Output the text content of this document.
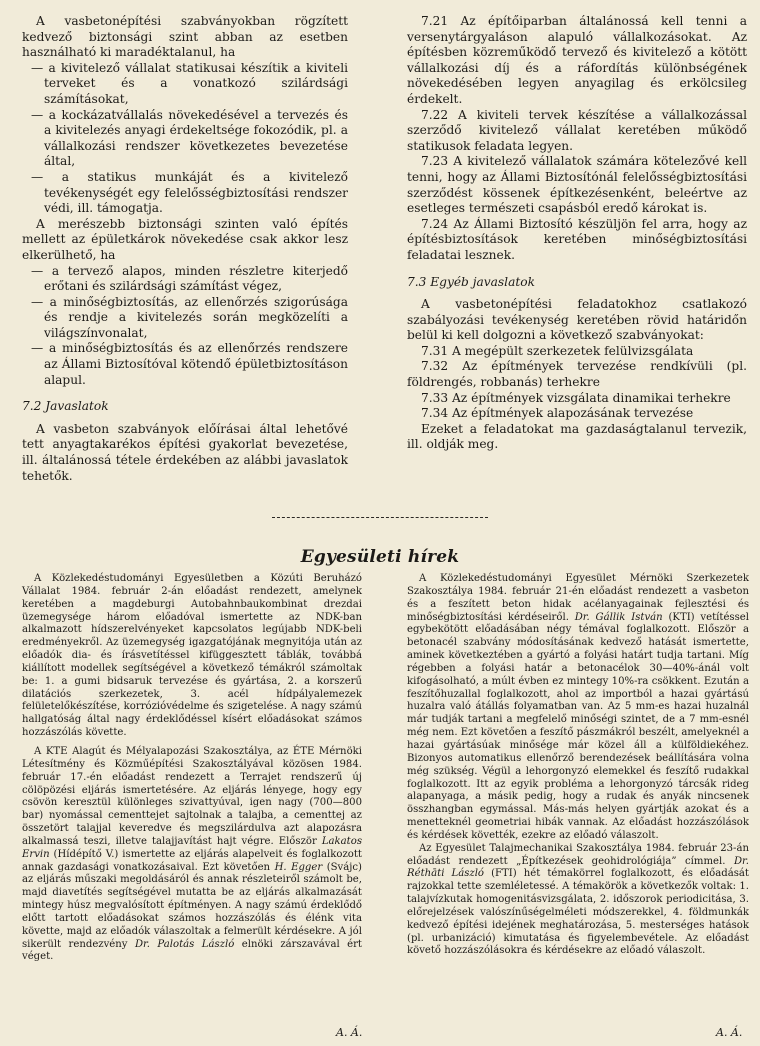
A vasbetonépítési szabványokban rögzített kedvező biztonsági szint abban az esetben használható ki maradéktalanul, ha

— a kivitelező vállalat statikusai készítik a kiviteli terveket és a vonatkozó szilárdsági számításokat,

— a kockázatvállalás növekedésével a tervezés és a kivitelezés anyagi érdekeltsége fokozódik, pl. a vállalkozási rendszer következetes bevezetése által,

— a statikus munkáját és a kivitelező tevékenységét egy felelősségbiztosítási rendszer védi, ill. támogatja.

A merészebb biztonsági szinten való építés mellett az épületkárok növekedése csak akkor lesz elkerülhető, ha

— a tervező alapos, minden részletre kiterjedő erőtani és szilárdsági számítást végez,

— a minőségbiztosítás, az ellenőrzés szigorúsága és rendje a kivitelezés során megközelíti a világszínvonalat,

— a minőségbiztosítás és az ellenőrzés rendszere az Állami Biztosítóval kötendő épületbiztosításon alapul.

7.2 Javaslatok

A vasbeton szabványok előírásai által lehetővé tett anyagtakarékos építési gyakorlat bevezetése, ill. általánossá tétele érdekében az alábbi javaslatok tehetők.

7.21 Az építőiparban általánossá kell tenni a versenytárgyaláson alapuló vállalkozásokat. Az építésben közreműködő tervező és kivitelező a kötött vállalkozási díj és a ráfordítás különbségének növekedésében legyen anyagilag és erkölcsileg érdekelt.

7.22 A kiviteli tervek készítése a vállalkozással szerződő kivitelező vállalat keretében működő statikusok feladata legyen.

7.23 A kivitelező vállalatok számára kötelezővé kell tenni, hogy az Állami Biztosítónál felelősségbiztosítási szerződést kössenek építkezésenként, beleértve az esetleges természeti csapásból eredő károkat is.

7.24 Az Állami Biztosító készüljön fel arra, hogy az építésbiztosítások keretében minőségbiztosítási feladatai lesznek.

7.3 Egyéb javaslatok

A vasbetonépítési feladatokhoz csatlakozó szabályozási tevékenység keretében rövid határidőn belül ki kell dolgozni a következő szabványokat:

7.31 A megépült szerkezetek felülvizsgálata

7.32 Az építmények tervezése rendkívüli (pl. földrengés, robbanás) terhekre

7.33 Az építmények vizsgálata dinamikai terhekre

7.34 Az építmények alapozásának tervezése

Ezeket a feladatokat ma gazdaságtalanul tervezik, ill. oldják meg.

Egyesületi hírek

A Közlekedéstudományi Egyesületben a Közúti Beruházó Vállalat 1984. február 2-án előadást rendezett, amelynek keretében a magdeburgi Autobahnbaukombinat drezdai üzemegysége három előadóval ismertette az NDK-ban alkalmazott hídszerelvényeket kapcsolatos legújabb NDK-beli eredményekről. Az üzemegység igazgatójának megnyitója után az előadók dia- és írásvetítéssel kifüggesztett táblák, továbbá kiállított modellek segítségével a következő témákról számoltak be: 1. a gumi bidsaruk tervezése és gyártása, 2. a korszerű dilatációs szerkezetek, 3. acél hídpályalemezek felületelőkészítése, korrózióvédelme és szigetelése. A nagy számú hallgatóság által nagy érdeklődéssel kísért előadásokat számos hozzászólás követte.

A KTE Alagút és Mélyalapozási Szakosztálya, az ÉTE Mérnöki Létesítmény és Közműépítési Szakosztályával közösen 1984. február 17.-én előadást rendezett a Terrajet rendszerű új cölöpözési eljárás ismertetésére. Az eljárás lényege, hogy egy csövön keresztül különleges szivattyúval, igen nagy (700—800 bar) nyomással cementtejet sajtolnak a talajba, a cementtej az összetört talajjal keveredve és megszilárdulva azt alapozásra alkalmassá teszi, illetve talajjavítást hajt végre. Először Lakatos Ervin (Hídépítő V.) ismertette az eljárás alapelveit és foglalkozott annak gazdasági vonatkozásaival. Ezt követően H. Egger (Svájc) az eljárás műszaki megoldásáról és annak részleteiről számolt be, majd diavetítés segítségével mutatta be az eljárás alkalmazását mintegy húsz megvalósított építményen. A nagy számú érdeklődő előtt tartott előadásokat számos hozzászólás és élénk vita követte, majd az előadók válaszoltak a felmerült kérdésekre. A jól sikerült rendezvény Dr. Palotás László elnöki zárszavával ért véget.

A. Á.

A Közlekedéstudományi Egyesület Mérnöki Szerkezetek Szakosztálya 1984. február 21-én előadást rendezett a vasbeton és a feszített beton hidak acélanyagainak fejlesztési és minőségbiztosítási kérdéseiről. Dr. Gállik István (KTI) vetítéssel egybekötött előadásában négy témával foglalkozott. Először a betonacél szabvány módosításának kedvező hatását ismertette, aminek következtében a gyártó a folyási határt tudja tartani. Míg régebben a folyási határ a betonacélok 30—40%-ánál volt kifogásolható, a múlt évben ez mintegy 10%-ra csökkent. Ezután a feszítőhuzallal foglalkozott, ahol az importból a hazai gyártású huzalra való átállás folyamatban van. Az 5 mm-es hazai huzalnál már tudják tartani a megfelelő minőségi szintet, de a 7 mm-esnél még nem. Ezt követően a feszítő pászmákról beszélt, amelyeknél a hazai gyártásúak minősége már közel áll a külföldiekéhez. Bizonyos automatikus ellenőrző berendezések beállítására volna még szükség. Végül a lehorgonyzó elemekkel és feszítő rudakkal foglalkozott. Itt az egyik probléma a lehorgonyzó tárcsák rideg alapanyaga, a másik pedig, hogy a rudak és anyák nincsenek összhangban egymással. Más-más helyen gyártják azokat és a menetteknél geometriai hibák vannak. Az előadást hozzászólások és kérdések követték, ezekre az előadó válaszolt.

Az Egyesület Talajmechanikai Szakosztálya 1984. február 23-án előadást rendezett „Építkezések geohidrológiája” címmel. Dr. Réthāti László (FTI) hét témakörrel foglalkozott, és előadását rajzokkal tette szemléletessé. A témakörök a következők voltak: 1. talajvízkutak homogenitásvizsgálata, 2. időszorok periodicitása, 3. előrejelzések valószínűségelméleti módszerekkel, 4. földmunkák kedvező építési idejének meghatározása, 5. mesterséges hatások (pl. urbanizáció) kimutatása és figyelembevétele. Az előadást követő hozzászólásokra és kérdésekre az előadó válaszolt.

A. Á.
